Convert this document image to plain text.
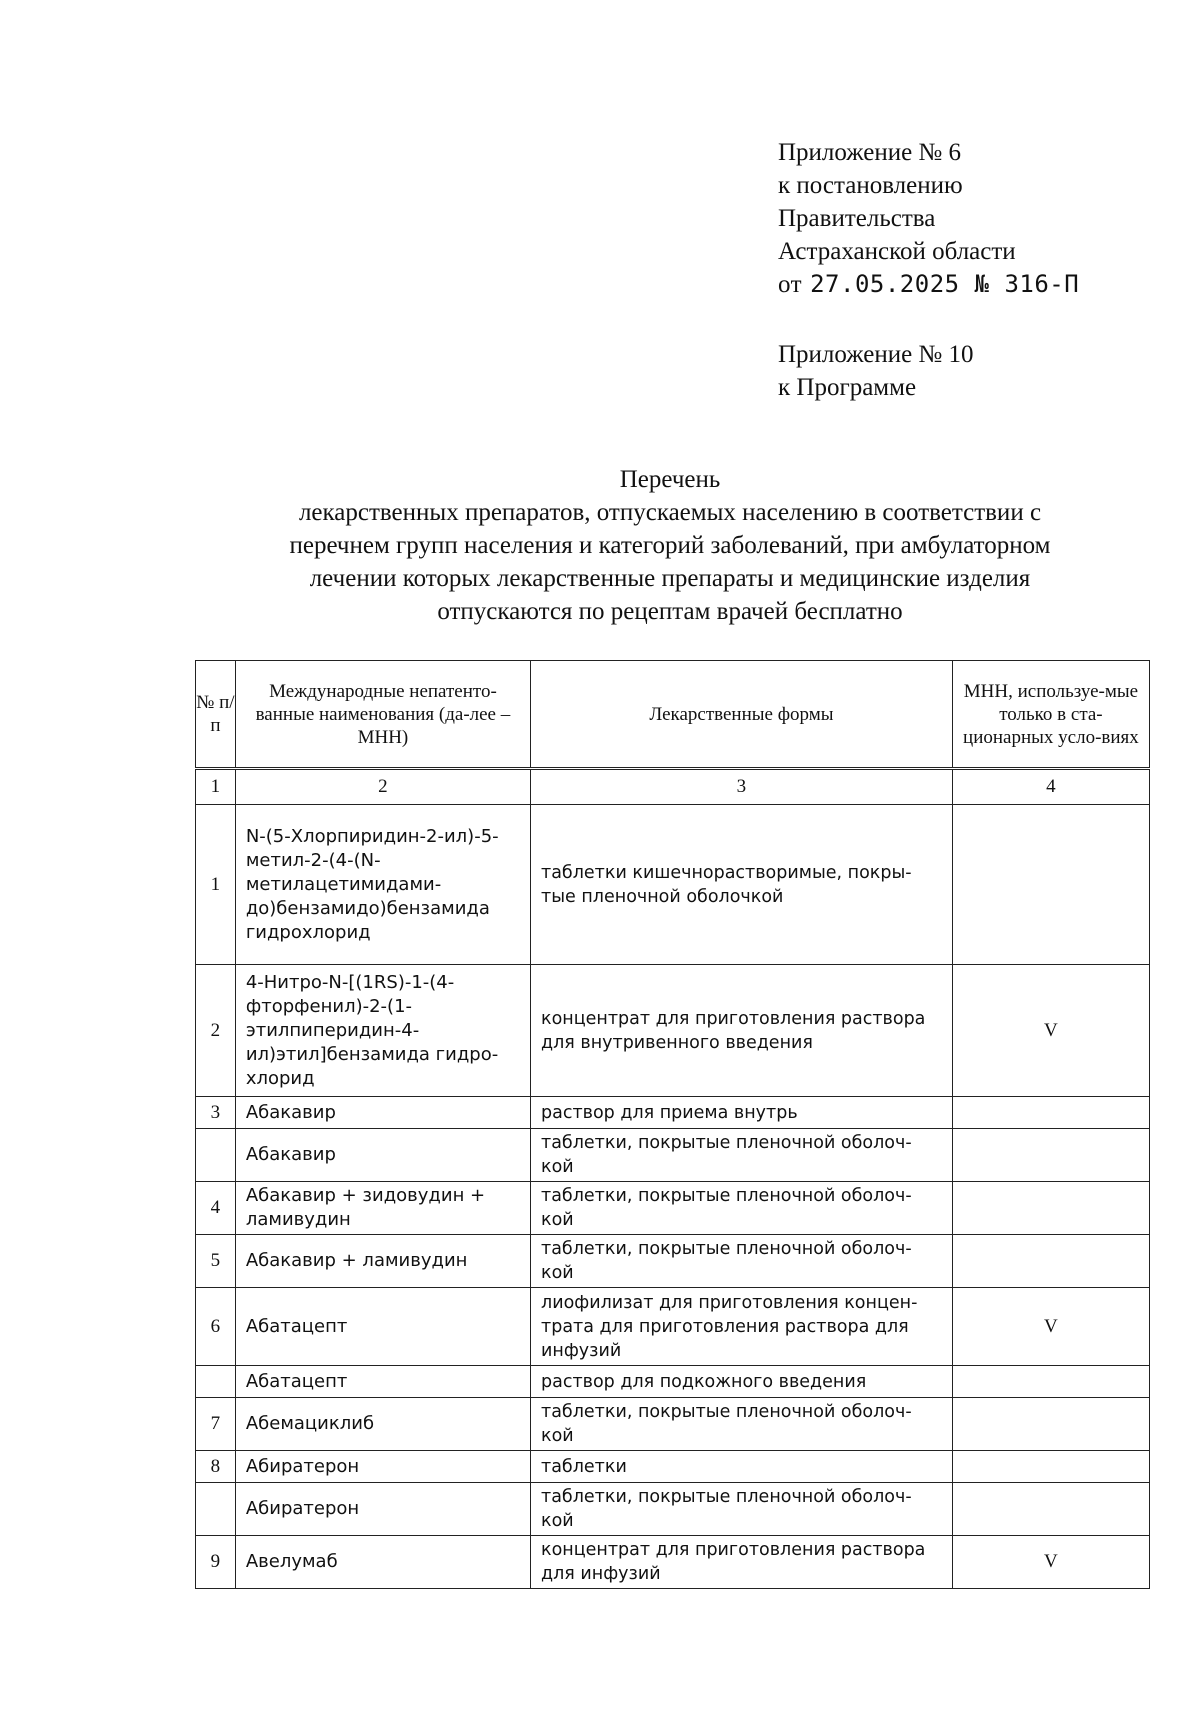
Приложение № 6
к постановлению
Правительства
Астраханской области
от 27.05.2025 № 316-П
Приложение № 10
к Программе
Перечень
лекарственных препаратов, отпускаемых населению в соответствии с
перечнем групп населения и категорий заболеваний, при амбулаторном
лечении которых лекарственные препараты и медицинские изделия
отпускаются по рецептам врачей бесплатно
№ п/п	Международные непатенто-ванные наименования (да-лее – МНН)	Лекарственные формы	МНН, используе-мые только в ста-ционарных усло-виях
1	2	3	4
1	N-(5-Хлорпиридин-2-ил)-5-метил-2-(4-(N-метилацетимидами-до)бензамидо)бензамида гидрохлорид	таблетки кишечнорастворимые, покры-тые пленочной оболочкой	
2	4-Нитро-N-[(1RS)-1-(4-фторфенил)-2-(1-этилпиперидин-4-ил)этил]бензамида гидро-хлорид	концентрат для приготовления раствора для внутривенного введения	V
3	Абакавир	раствор для приема внутрь	
	Абакавир	таблетки, покрытые пленочной оболоч-кой	
4	Абакавир + зидовудин + ламивудин	таблетки, покрытые пленочной оболоч-кой	
5	Абакавир + ламивудин	таблетки, покрытые пленочной оболоч-кой	
6	Абатацепт	лиофилизат для приготовления концен-трата для приготовления раствора для инфузий	V
	Абатацепт	раствор для подкожного введения	
7	Абемациклиб	таблетки, покрытые пленочной оболоч-кой	
8	Абиратерон	таблетки	
	Абиратерон	таблетки, покрытые пленочной оболоч-кой	
9	Авелумаб	концентрат для приготовления раствора для инфузий	V
